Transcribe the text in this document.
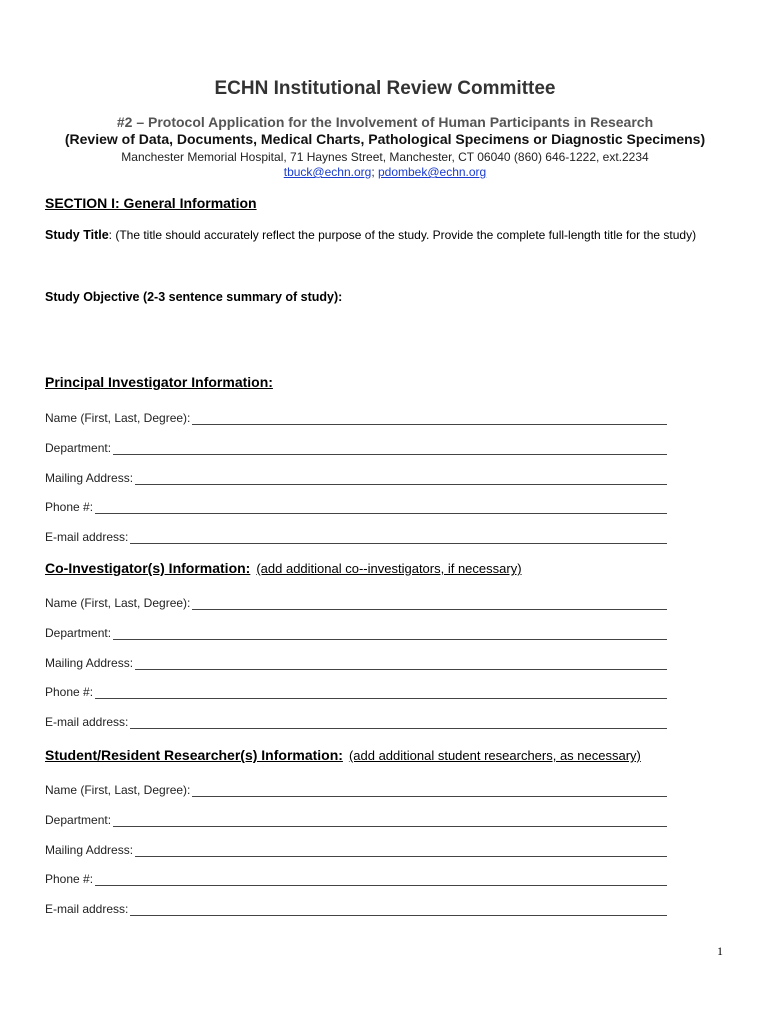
ECHN Institutional Review Committee
#2 – Protocol Application for the Involvement of Human Participants in Research
(Review of Data, Documents, Medical Charts, Pathological Specimens or Diagnostic Specimens)
Manchester Memorial Hospital, 71 Haynes Street, Manchester, CT 06040 (860) 646-1222, ext.2234
tbuck@echn.org; pdombek@echn.org
SECTION I: General Information
Study Title: (The title should accurately reflect the purpose of the study. Provide the complete full-length title for the study)
Study Objective (2-3 sentence summary of study):
Principal Investigator Information:
Name (First, Last, Degree):
Department:
Mailing Address:
Phone #:
E-mail address:
Co-Investigator(s) Information: (add additional co--investigators, if necessary)
Name (First, Last, Degree):
Department:
Mailing Address:
Phone #:
E-mail address:
Student/Resident Researcher(s) Information: (add additional student researchers, as necessary)
Name (First, Last, Degree):
Department:
Mailing Address:
Phone #:
E-mail address:
1
